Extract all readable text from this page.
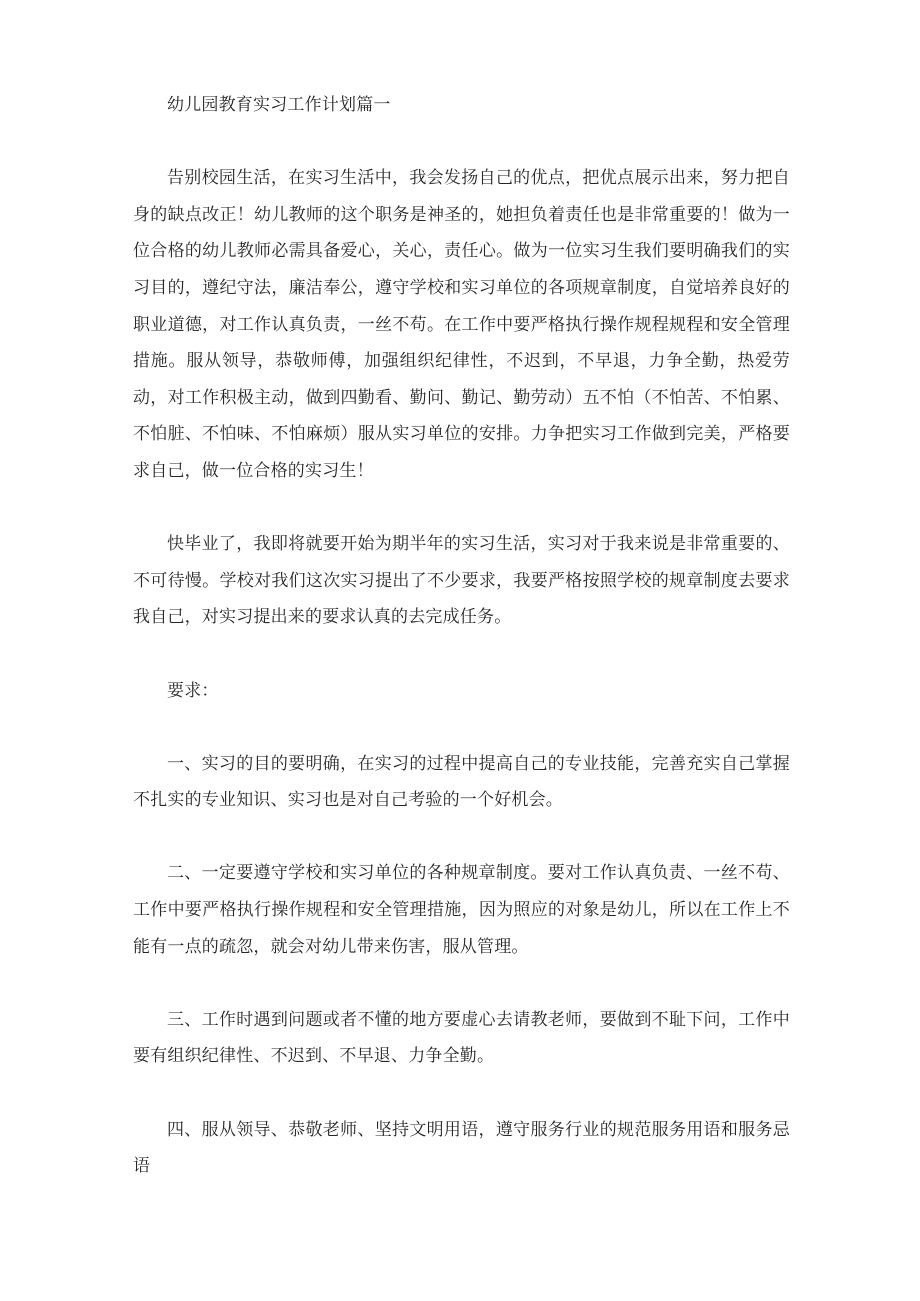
幼儿园教育实习工作计划篇一

告别校园生活，在实习生活中，我会发扬自己的优点，把优点展示出来，努力把自身的缺点改正！幼儿教师的这个职务是神圣的，她担负着责任也是非常重要的！做为一位合格的幼儿教师必需具备爱心，关心，责任心。做为一位实习生我们要明确我们的实习目的，遵纪守法，廉洁奉公，遵守学校和实习单位的各项规章制度，自觉培养良好的职业道德，对工作认真负责，一丝不苟。在工作中要严格执行操作规程规程和安全管理措施。服从领导，恭敬师傅，加强组织纪律性，不迟到，不早退，力争全勤，热爱劳动，对工作积极主动，做到四勤看、勤问、勤记、勤劳动）五不怕（不怕苦、不怕累、不怕脏、不怕味、不怕麻烦）服从实习单位的安排。力争把实习工作做到完美，严格要求自己，做一位合格的实习生！

快毕业了，我即将就要开始为期半年的实习生活，实习对于我来说是非常重要的、不可待慢。学校对我们这次实习提出了不少要求，我要严格按照学校的规章制度去要求我自己，对实习提出来的要求认真的去完成任务。

要求：

一、实习的目的要明确，在实习的过程中提高自己的专业技能，完善充实自己掌握不扎实的专业知识、实习也是对自己考验的一个好机会。

二、一定要遵守学校和实习单位的各种规章制度。要对工作认真负责、一丝不苟、工作中要严格执行操作规程和安全管理措施，因为照应的对象是幼儿，所以在工作上不能有一点的疏忽，就会对幼儿带来伤害，服从管理。

三、工作时遇到问题或者不懂的地方要虚心去请教老师，要做到不耻下问，工作中要有组织纪律性、不迟到、不早退、力争全勤。

四、服从领导、恭敬老师、坚持文明用语，遵守服务行业的规范服务用语和服务忌语
